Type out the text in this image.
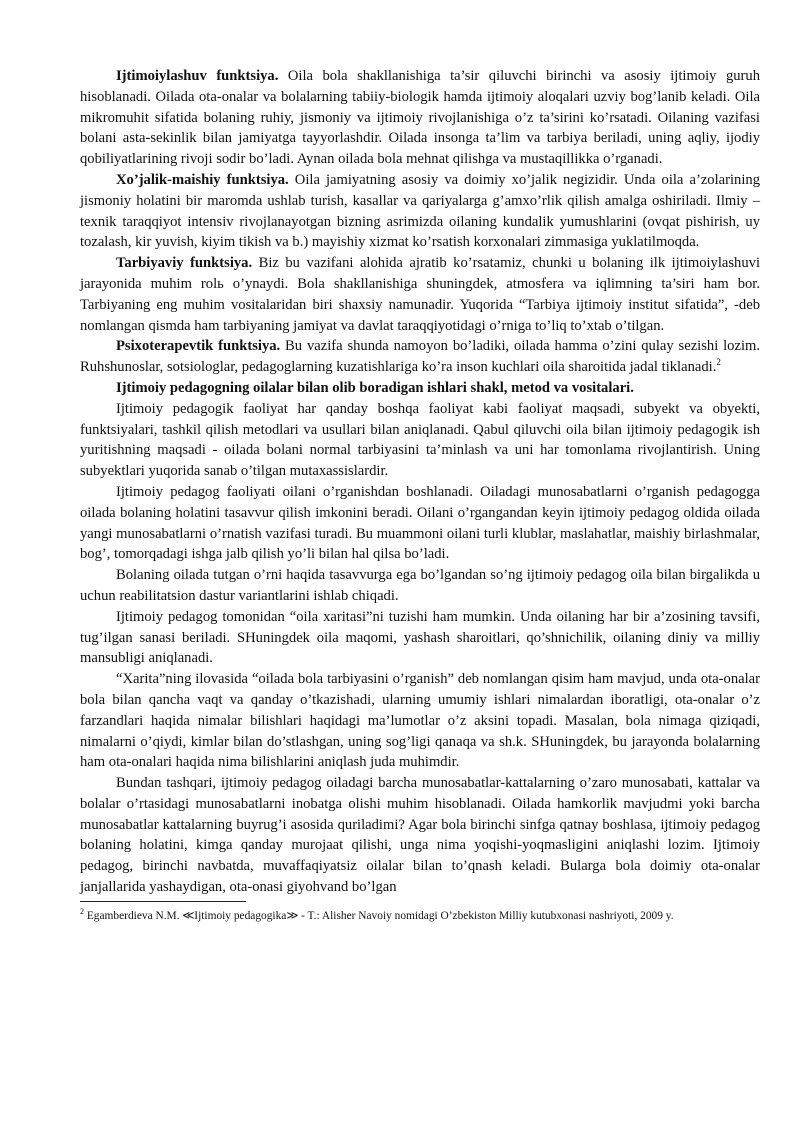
Ijtimoiylashuv funktsiya. Oila bola shakllanishiga ta’sir qiluvchi birinchi va asosiy ijtimoiy guruh hisoblanadi. Oilada ota-onalar va bolalarning tabiiy-biologik hamda ijtimoiy aloqalari uzviy bog’lanib keladi. Oila mikromuhit sifatida bolaning ruhiy, jismoniy va ijtimoiy rivojlanishiga o’z ta’sirini ko’rsatadi. Oilaning vazifasi bolani asta-sekinlik bilan jamiyatga tayyorlashdir. Oilada insonga ta’lim va tarbiya beriladi, uning aqliy, ijodiy qobiliyatlarining rivoji sodir bo’ladi. Aynan oilada bola mehnat qilishga va mustaqillikka o’rganadi.

Xo’jalik-maishiy funktsiya. Oila jamiyatning asosiy va doimiy xo’jalik negizidir. Unda oila a’zolarining jismoniy holatini bir maromda ushlab turish, kasallar va qariyalarga g’amxo’rlik qilish amalga oshiriladi. Ilmiy – texnik taraqqiyot intensiv rivojlanayotgan bizning asrimizda oilaning kundalik yumushlarini (ovqat pishirish, uy tozalash, kir yuvish, kiyim tikish va b.) mayishiy xizmat ko’rsatish korxonalari zimmasiga yuklatilmoqda.

Tarbiyaviy funktsiya. Biz bu vazifani alohida ajratib ko’rsatamiz, chunki u bolaning ilk ijtimoiylashuvi jarayonida muhim rolь o’ynaydi. Bola shakllanishiga shuningdek, atmosfera va iqlimning ta’siri ham bor. Tarbiyaning eng muhim vositalaridan biri shaxsiy namunadir. Yuqorida “Tarbiya ijtimoiy institut sifatida”, -deb nomlangan qismda ham tarbiyaning jamiyat va davlat taraqqiyotidagi o’rniga to’liq to’xtab o’tilgan.

Psixoterapevtik funktsiya. Bu vazifa shunda namoyon bo’ladiki, oilada hamma o’zini qulay sezishi lozim. Ruhshunoslar, sotsiologlar, pedagoglarning kuzatishlariga ko’ra inson kuchlari oila sharoitida jadal tiklanadi.$^2$

Ijtimoiy pedagogning oilalar bilan olib boradigan ishlari shakl, metod va vositalari.

Ijtimoiy pedagogik faoliyat har qanday boshqa faoliyat kabi faoliyat maqsadi, subyekt va obyekti, funktsiyalari, tashkil qilish metodlari va usullari bilan aniqlanadi. Qabul qiluvchi oila bilan ijtimoiy pedagogik ish yuritishning maqsadi - oilada bolani normal tarbiyasini ta’minlash va uni har tomonlama rivojlantirish. Uning subyektlari yuqorida sanab o’tilgan mutaxassislardir.

Ijtimoiy pedagog faoliyati oilani o’rganishdan boshlanadi. Oiladagi munosabatlarni o’rganish pedagogga oilada bolaning holatini tasavvur qilish imkonini beradi. Oilani o’rgangandan keyin ijtimoiy pedagog oldida oilada yangi munosabatlarni o’rnatish vazifasi turadi. Bu muammoni oilani turli klublar, maslahatlar, maishiy birlashmalar, bog’, tomorqadagi ishga jalb qilish yo’li bilan hal qilsa bo’ladi.

Bolaning oilada tutgan o’rni haqida tasavvurga ega bo’lgandan so’ng ijtimoiy pedagog oila bilan birgalikda u uchun reabilitatsion dastur variantlarini ishlab chiqadi.

Ijtimoiy pedagog tomonidan “oila xaritasi”ni tuzishi ham mumkin. Unda oilaning har bir a’zosining tavsifi, tug’ilgan sanasi beriladi. SHuningdek oila maqomi, yashash sharoitlari, qo’shnichilik, oilaning diniy va milliy mansubligi aniqlanadi.

“Xarita”ning ilovasida “oilada bola tarbiyasini o’rganish” deb nomlangan qisim ham mavjud, unda ota-onalar bola bilan qancha vaqt va qanday o’tkazishadi, ularning umumiy ishlari nimalardan iboratligi, ota-onalar o’z farzandlari haqida nimalar bilishlari haqidagi ma’lumotlar o’z aksini topadi. Masalan, bola nimaga qiziqadi, nimalarni o’qiydi, kimlar bilan do’stlashgan, uning sog’ligi qanaqa va sh.k. SHuningdek, bu jarayonda bolalarning ham ota-onalari haqida nima bilishlarini aniqlash juda muhimdir.

Bundan tashqari, ijtimoiy pedagog oiladagi barcha munosabatlar-kattalarning o’zaro munosabati, kattalar va bolalar o’rtasidagi munosabatlarni inobatga olishi muhim hisoblanadi. Oilada hamkorlik mavjudmi yoki barcha munosabatlar kattalarning buyrug’i asosida quriladimi? Agar bola birinchi sinfga qatnay boshlasa, ijtimoiy pedagog bolaning holatini, kimga qanday murojaat qilishi, unga nima yoqishi-yoqmasligini aniqlashi lozim. Ijtimoiy pedagog, birinchi navbatda, muvaffaqiyatsiz oilalar bilan to’qnash keladi. Bularga bola doimiy ota-onalar janjallarida yashaydigan, ota-onasi giyohvand bo’lgan

$^2$ Egamberdieva N.M. ≪Ijtimoiy pedagogika≫ - T.: Alisher Navoiy nomidagi O’zbekiston Milliy kutubxonasi nashriyoti, 2009 y.
